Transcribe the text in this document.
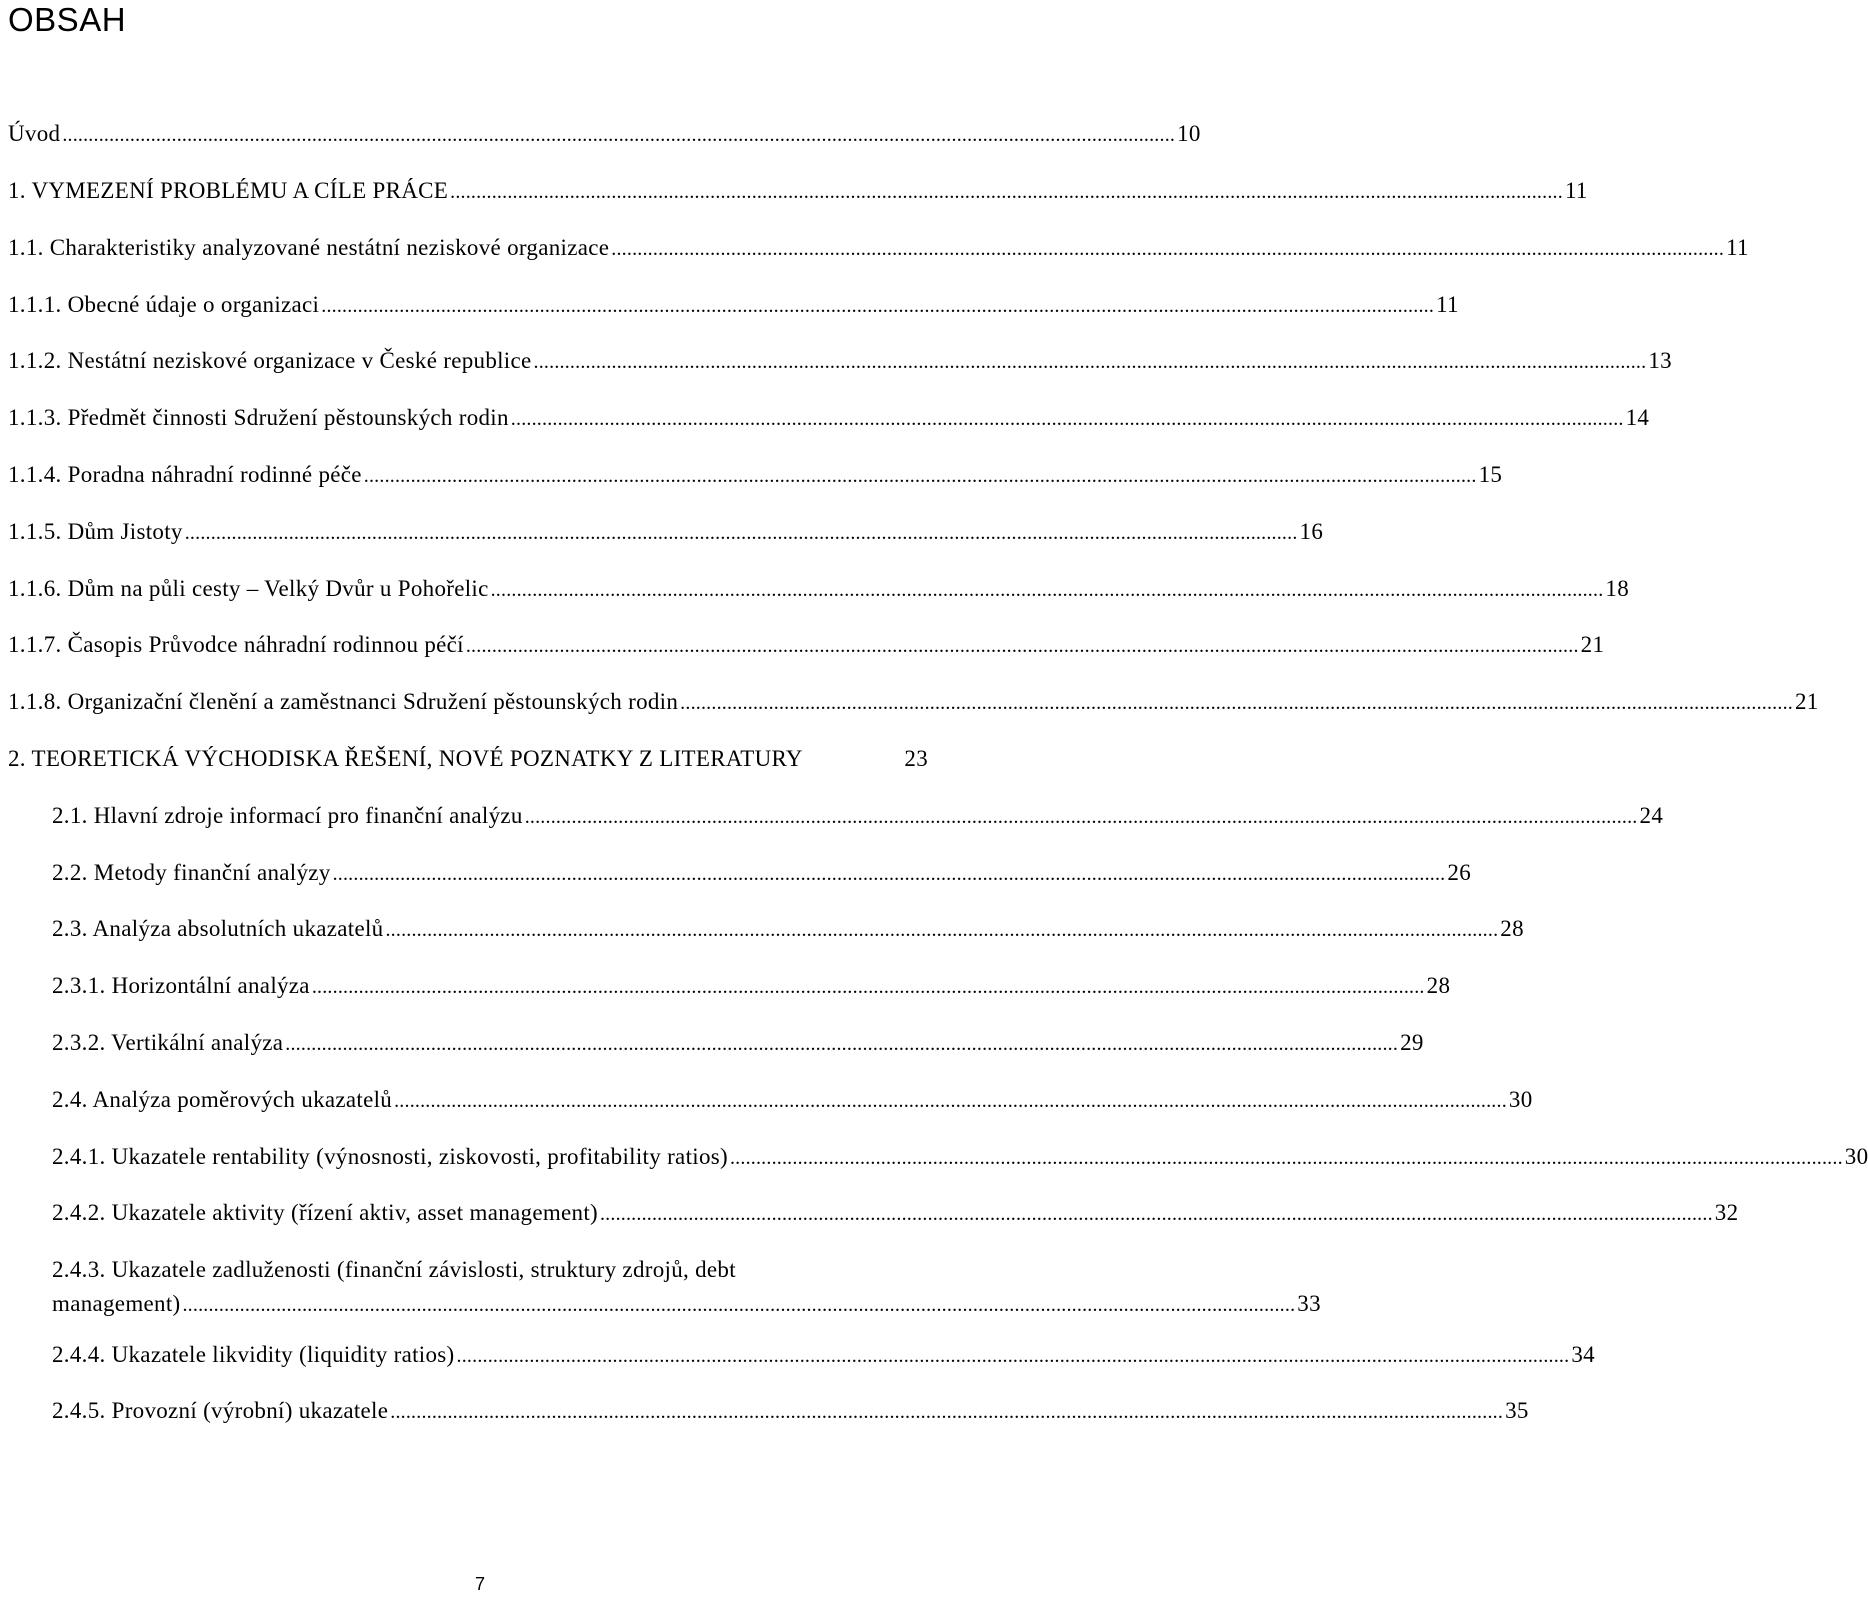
OBSAH
Úvod ...................................................................................................................................................................................................................... 10
1. VYMEZENÍ PROBLÉMU A CÍLE PRÁCE ...................................................................................................................................................................................................................... 11
1.1. Charakteristiky analyzované nestátní neziskové organizace ...................................................................................................................................................................................................................... 11
1.1.1. Obecné údaje o organizaci ...................................................................................................................................................................................................................... 11
1.1.2. Nestátní neziskové organizace v České republice ...................................................................................................................................................................................................................... 13
1.1.3. Předmět činnosti Sdružení pěstounských rodin ...................................................................................................................................................................................................................... 14
1.1.4. Poradna náhradní rodinné péče ...................................................................................................................................................................................................................... 15
1.1.5. Dům Jistoty ...................................................................................................................................................................................................................... 16
1.1.6. Dům na půli cesty – Velký Dvůr u Pohořelic ...................................................................................................................................................................................................................... 18
1.1.7. Časopis Průvodce náhradní rodinnou péčí ...................................................................................................................................................................................................................... 21
1.1.8. Organizační členění a zaměstnanci Sdružení pěstounských rodin ...................................................................................................................................................................................................................... 21
2. TEORETICKÁ VÝCHODISKA ŘEŠENÍ, NOVÉ POZNATKY Z LITERATURY	23
2.1. Hlavní zdroje informací pro finanční analýzu ...................................................................................................................................................................................................................... 24
2.2. Metody finanční analýzy ...................................................................................................................................................................................................................... 26
2.3. Analýza absolutních ukazatelů ...................................................................................................................................................................................................................... 28
2.3.1. Horizontální analýza ...................................................................................................................................................................................................................... 28
2.3.2. Vertikální analýza ...................................................................................................................................................................................................................... 29
2.4. Analýza poměrových ukazatelů ...................................................................................................................................................................................................................... 30
2.4.1. Ukazatele rentability (výnosnosti, ziskovosti, profitability ratios) ...................................................................................................................................................................................................................... 30
2.4.2. Ukazatele aktivity (řízení aktiv, asset management) ...................................................................................................................................................................................................................... 32
2.4.3. Ukazatele zadluženosti (finanční závislosti, struktury zdrojů, debt
management) ...................................................................................................................................................................................................................... 33
2.4.4. Ukazatele likvidity (liquidity ratios) ...................................................................................................................................................................................................................... 34
2.4.5. Provozní (výrobní) ukazatele ...................................................................................................................................................................................................................... 35
7
